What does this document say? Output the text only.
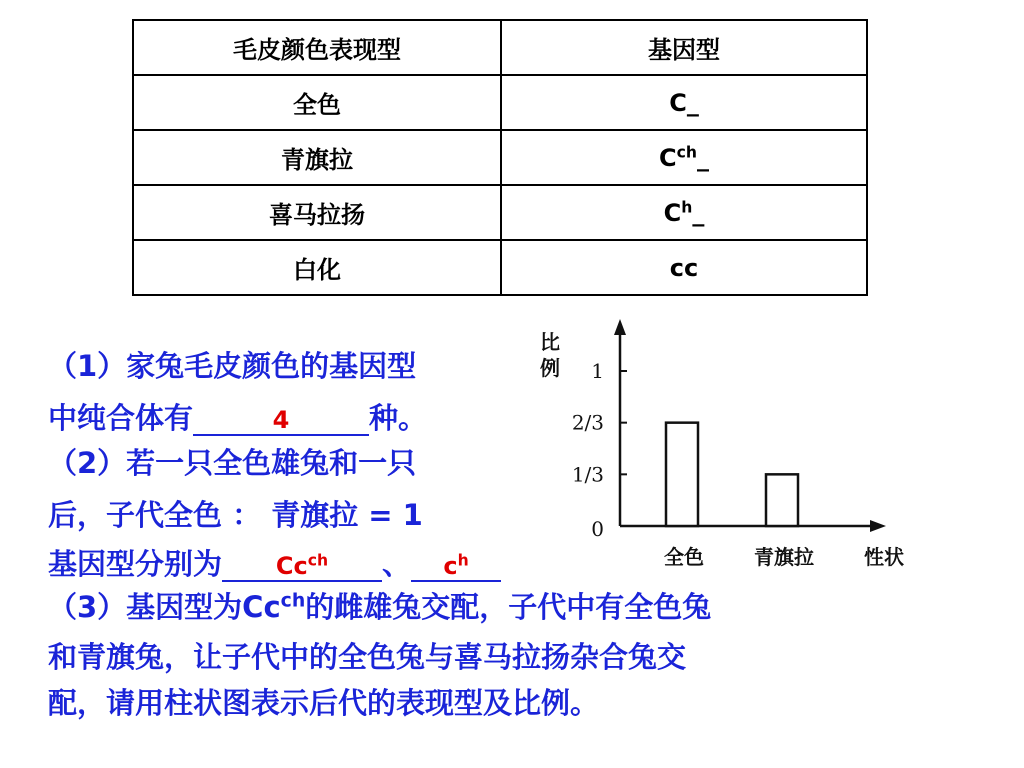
毛皮颜色表现型	基因型
全色	C_
青旗拉	$C^{ch}\_$
喜马拉扬	$C^h\_$
白化	cc
（1）家兔毛皮颜色的基因型
中纯合体有	4	种。
（2）若一只全色雄兔和一只
后，子代全色 ： 青旗拉 = 1
基因型分别为 $Cc^{ch}$ 、 $c^h$
（3）基因型为$Cc^{ch}$的雌雄兔交配，子代中有全色兔
和青旗兔，让子代中的全色兔与喜马拉扬杂合兔交
配，请用柱状图表示后代的表现型及比例。
比
例 1
2/3
1/3
0
全色	青旗拉	性状
